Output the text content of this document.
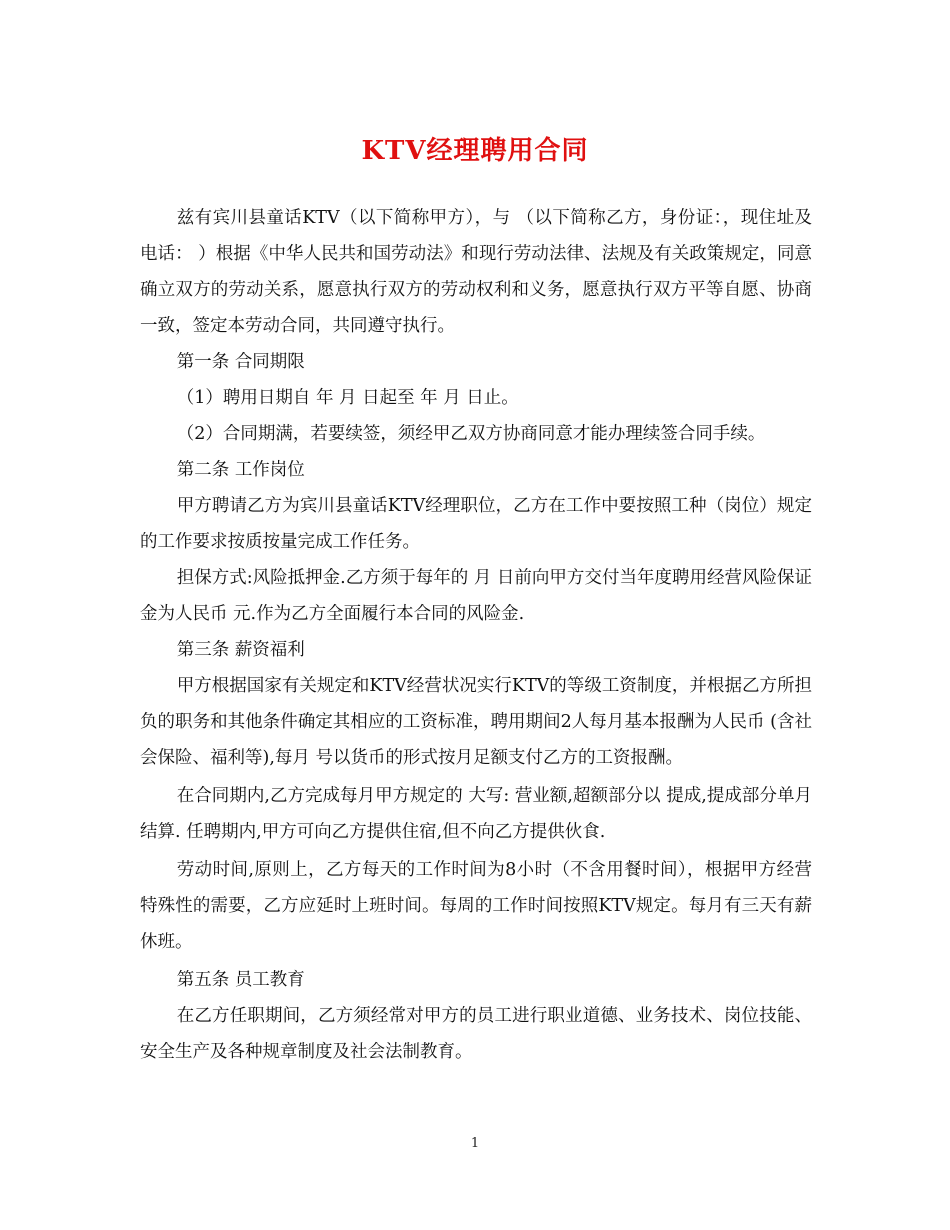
KTV经理聘用合同

兹有宾川县童话KTV（以下简称甲方），与 （以下简称乙方，身份证：，现住址及电话： ）根据《中华人民共和国劳动法》和现行劳动法律、法规及有关政策规定，同意确立双方的劳动关系，愿意执行双方的劳动权利和义务，愿意执行双方平等自愿、协商一致，签定本劳动合同，共同遵守执行。

第一条 合同期限

（1）聘用日期自 年 月 日起至 年 月 日止。

（2）合同期满，若要续签，须经甲乙双方协商同意才能办理续签合同手续。

第二条 工作岗位

甲方聘请乙方为宾川县童话KTV经理职位，乙方在工作中要按照工种（岗位）规定的工作要求按质按量完成工作任务。

担保方式:风险抵押金.乙方须于每年的 月 日前向甲方交付当年度聘用经营风险保证金为人民币 元.作为乙方全面履行本合同的风险金.

第三条 薪资福利

甲方根据国家有关规定和KTV经营状况实行KTV的等级工资制度，并根据乙方所担负的职务和其他条件确定其相应的工资标准，聘用期间2人每月基本报酬为人民币 (含社会保险、福利等),每月 号以货币的形式按月足额支付乙方的工资报酬。

在合同期内,乙方完成每月甲方规定的 大写: 营业额,超额部分以 提成,提成部分单月结算. 任聘期内,甲方可向乙方提供住宿,但不向乙方提供伙食.

劳动时间,原则上，乙方每天的工作时间为8小时（不含用餐时间），根据甲方经营特殊性的需要，乙方应延时上班时间。每周的工作时间按照KTV规定。每月有三天有薪休班。

第五条 员工教育

在乙方任职期间，乙方须经常对甲方的员工进行职业道德、业务技术、岗位技能、安全生产及各种规章制度及社会法制教育。

1
